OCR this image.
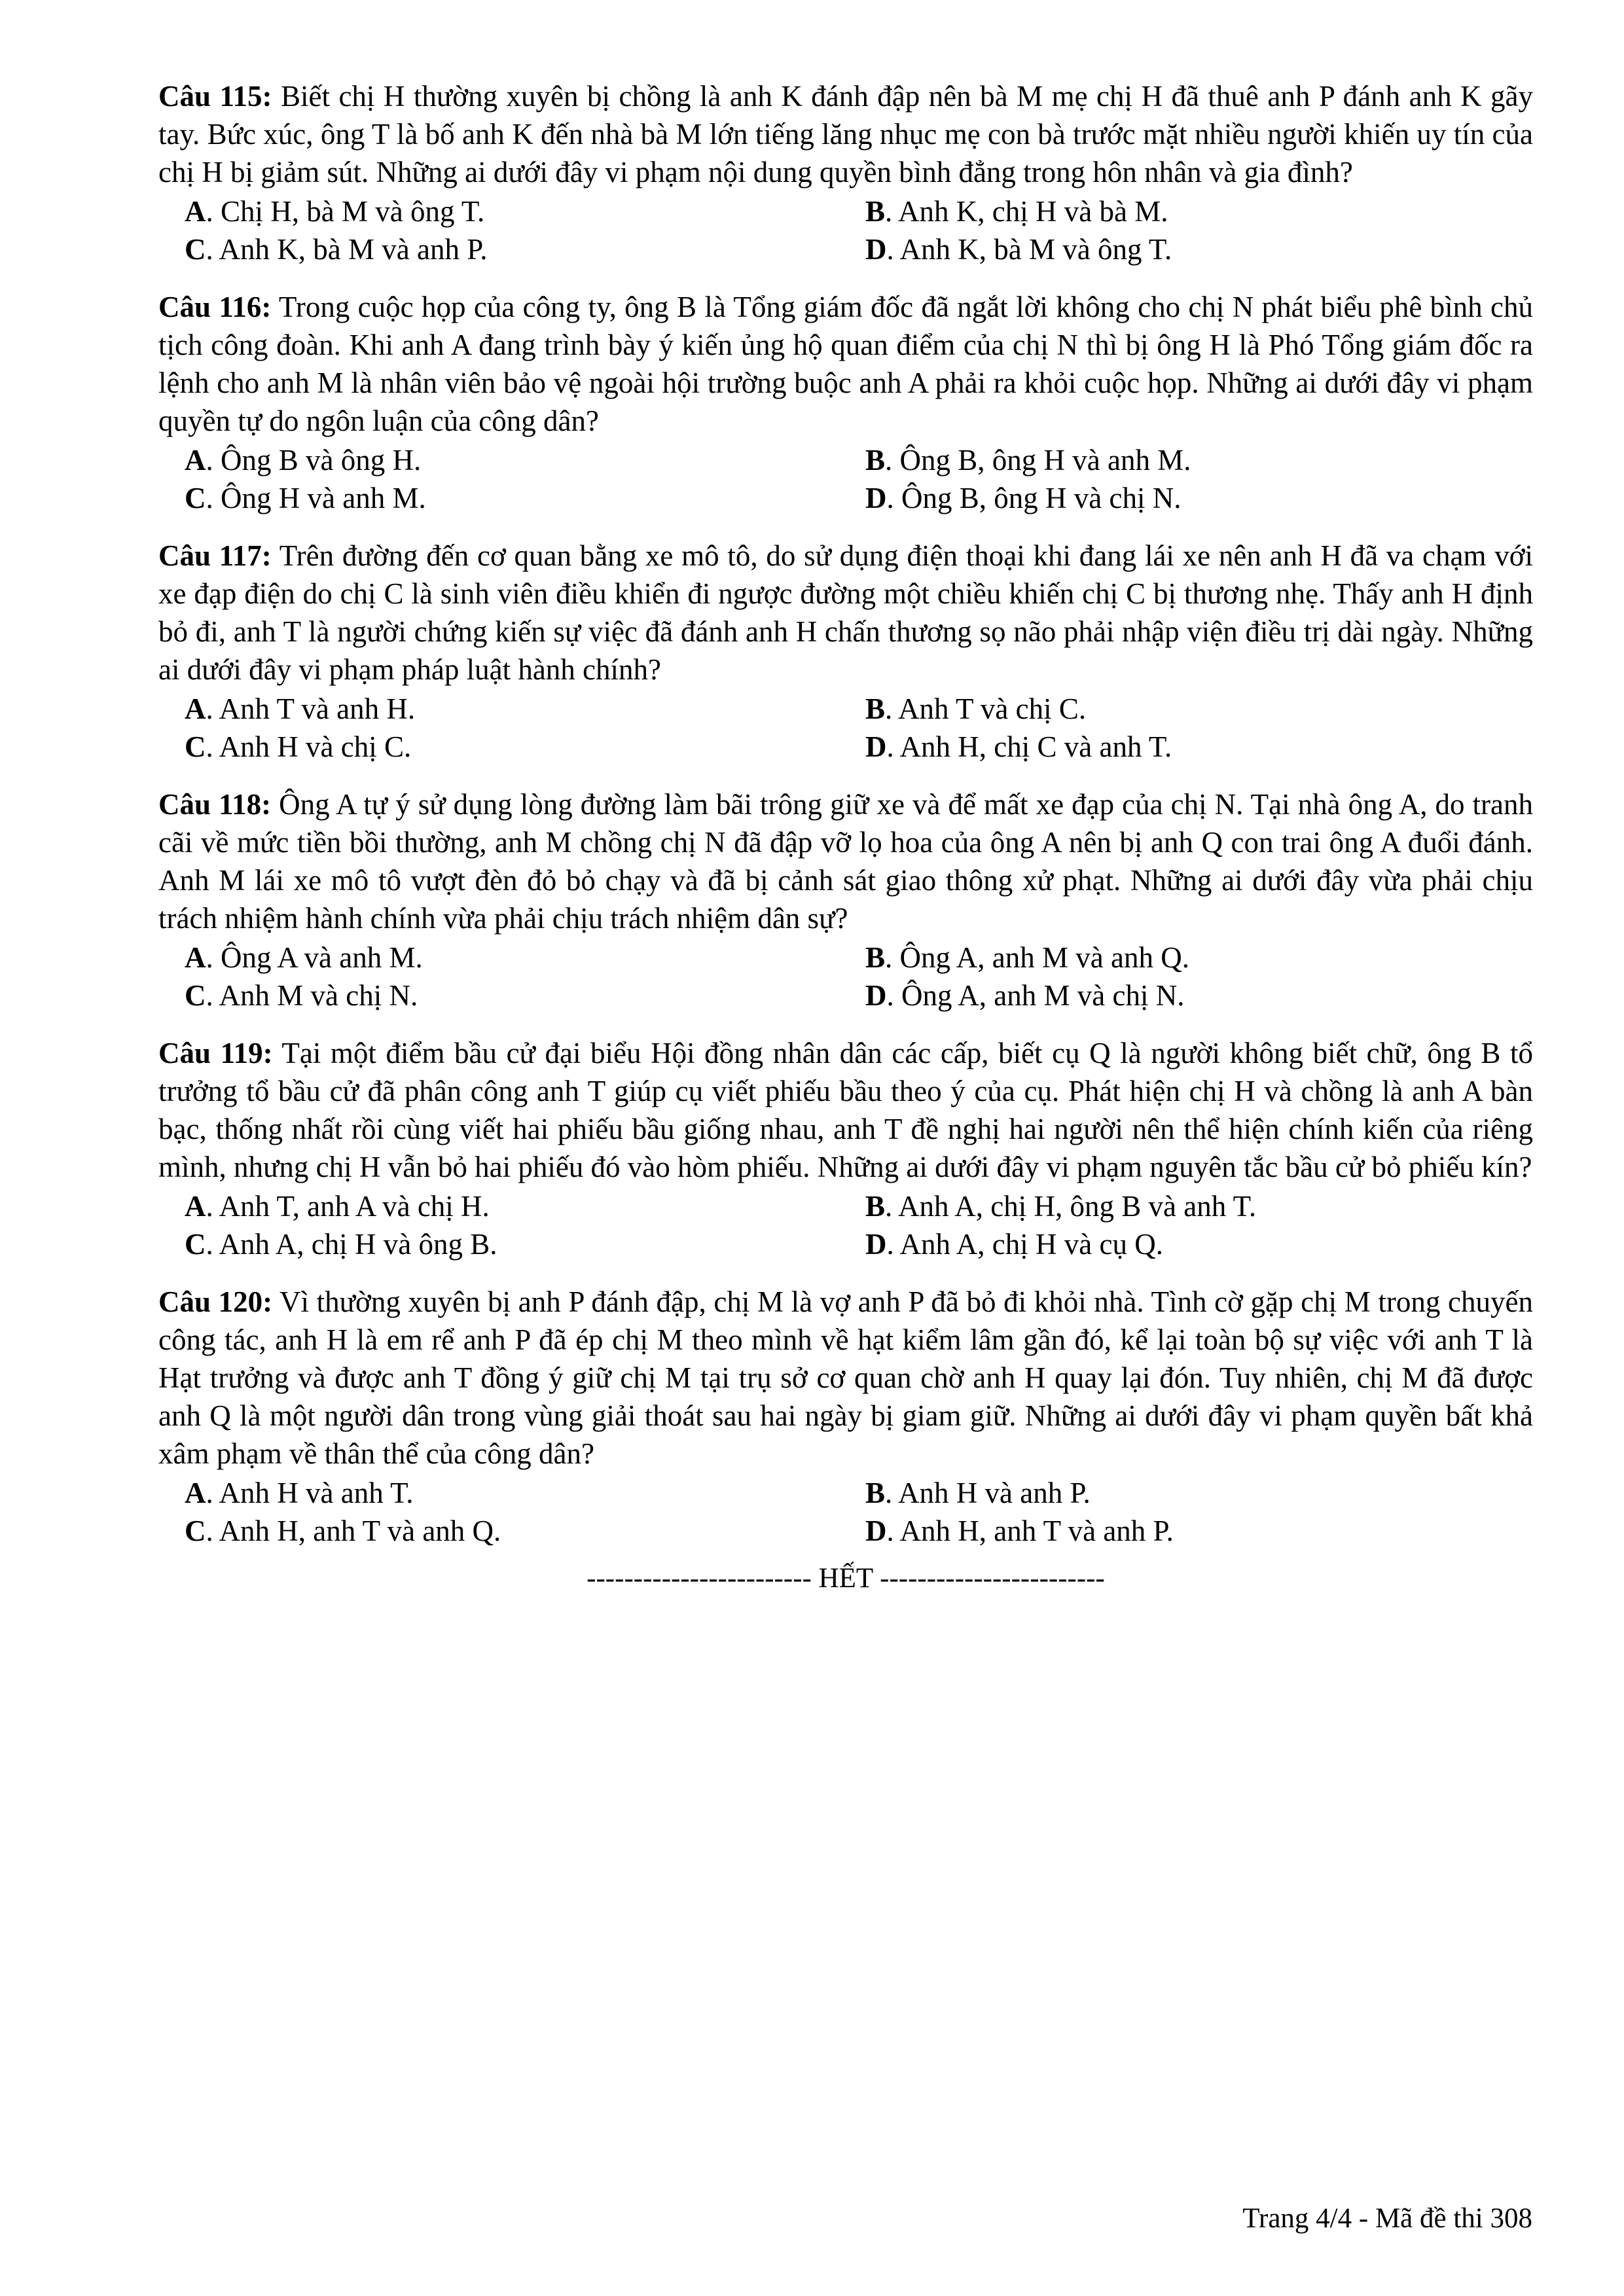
Câu 115: Biết chị H thường xuyên bị chồng là anh K đánh đập nên bà M mẹ chị H đã thuê anh P đánh anh K gãy tay. Bức xúc, ông T là bố anh K đến nhà bà M lớn tiếng lăng nhục mẹ con bà trước mặt nhiều người khiến uy tín của chị H bị giảm sút. Những ai dưới đây vi phạm nội dung quyền bình đẳng trong hôn nhân và gia đình?

A. Chị H, bà M và ông T.	B. Anh K, chị H và bà M.
C. Anh K, bà M và anh P.	D. Anh K, bà M và ông T.

Câu 116: Trong cuộc họp của công ty, ông B là Tổng giám đốc đã ngắt lời không cho chị N phát biểu phê bình chủ tịch công đoàn. Khi anh A đang trình bày ý kiến ủng hộ quan điểm của chị N thì bị ông H là Phó Tổng giám đốc ra lệnh cho anh M là nhân viên bảo vệ ngoài hội trường buộc anh A phải ra khỏi cuộc họp. Những ai dưới đây vi phạm quyền tự do ngôn luận của công dân?

A. Ông B và ông H.	B. Ông B, ông H và anh M.
C. Ông H và anh M.	D. Ông B, ông H và chị N.

Câu 117: Trên đường đến cơ quan bằng xe mô tô, do sử dụng điện thoại khi đang lái xe nên anh H đã va chạm với xe đạp điện do chị C là sinh viên điều khiển đi ngược đường một chiều khiến chị C bị thương nhẹ. Thấy anh H định bỏ đi, anh T là người chứng kiến sự việc đã đánh anh H chấn thương sọ não phải nhập viện điều trị dài ngày. Những ai dưới đây vi phạm pháp luật hành chính?

A. Anh T và anh H.	B. Anh T và chị C.
C. Anh H và chị C.	D. Anh H, chị C và anh T.

Câu 118: Ông A tự ý sử dụng lòng đường làm bãi trông giữ xe và để mất xe đạp của chị N. Tại nhà ông A, do tranh cãi về mức tiền bồi thường, anh M chồng chị N đã đập vỡ lọ hoa của ông A nên bị anh Q con trai ông A đuổi đánh. Anh M lái xe mô tô vượt đèn đỏ bỏ chạy và đã bị cảnh sát giao thông xử phạt. Những ai dưới đây vừa phải chịu trách nhiệm hành chính vừa phải chịu trách nhiệm dân sự?

A. Ông A và anh M.	B. Ông A, anh M và anh Q.
C. Anh M và chị N.	D. Ông A, anh M và chị N.

Câu 119: Tại một điểm bầu cử đại biểu Hội đồng nhân dân các cấp, biết cụ Q là người không biết chữ, ông B tổ trưởng tổ bầu cử đã phân công anh T giúp cụ viết phiếu bầu theo ý của cụ. Phát hiện chị H và chồng là anh A bàn bạc, thống nhất rồi cùng viết hai phiếu bầu giống nhau, anh T đề nghị hai người nên thể hiện chính kiến của riêng mình, nhưng chị H vẫn bỏ hai phiếu đó vào hòm phiếu. Những ai dưới đây vi phạm nguyên tắc bầu cử bỏ phiếu kín?

A. Anh T, anh A và chị H.	B. Anh A, chị H, ông B và anh T.
C. Anh A, chị H và ông B.	D. Anh A, chị H và cụ Q.

Câu 120: Vì thường xuyên bị anh P đánh đập, chị M là vợ anh P đã bỏ đi khỏi nhà. Tình cờ gặp chị M trong chuyến công tác, anh H là em rể anh P đã ép chị M theo mình về hạt kiểm lâm gần đó, kể lại toàn bộ sự việc với anh T là Hạt trưởng và được anh T đồng ý giữ chị M tại trụ sở cơ quan chờ anh H quay lại đón. Tuy nhiên, chị M đã được anh Q là một người dân trong vùng giải thoát sau hai ngày bị giam giữ. Những ai dưới đây vi phạm quyền bất khả xâm phạm về thân thể của công dân?

A. Anh H và anh T.	B. Anh H và anh P.
C. Anh H, anh T và anh Q.	D. Anh H, anh T và anh P.
------------------------ HẾT ------------------------
Trang 4/4 - Mã đề thi 308
